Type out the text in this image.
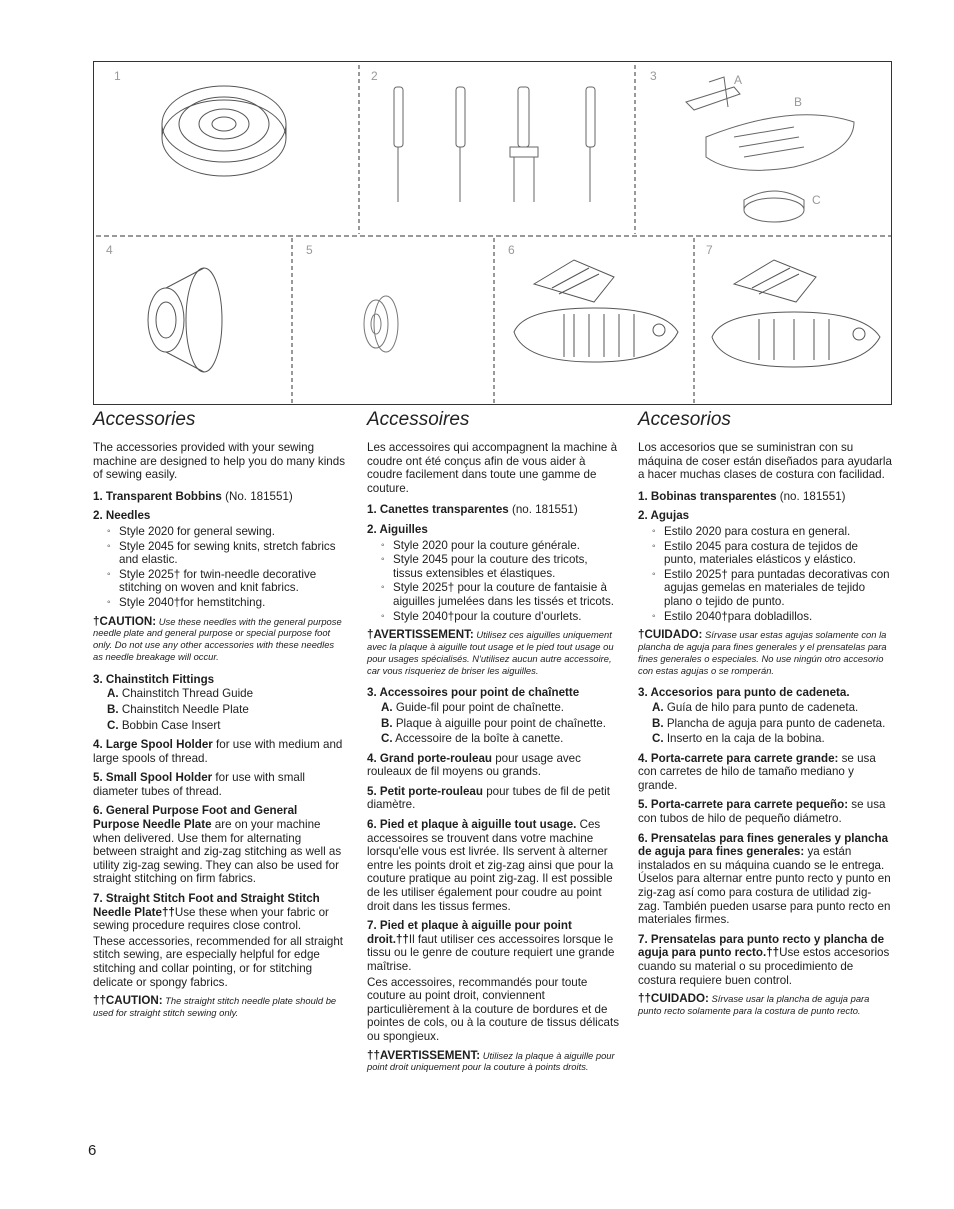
1	2	3
4	5	6	7
A
B
C
Accessories

The accessories provided with your sewing machine are designed to help you do many kinds of sewing easily.

1. Transparent Bobbins (No. 181551)

2. Needles

◦ Style 2020 for general sewing.
◦ Style 2045 for sewing knits, stretch fabrics and elastic.
◦ Style 2025† for twin-needle decorative stitching on woven and knit fabrics.
◦ Style 2040†for hemstitching.

†CAUTION: Use these needles with the general purpose needle plate and general purpose or special purpose foot only. Do not use any other accessories with these needles as needle breakage will occur.

3. Chainstitch Fittings

A. Chainstitch Thread Guide

B. Chainstitch Needle Plate

C. Bobbin Case Insert

4. Large Spool Holder for use with medium and large spools of thread.

5. Small Spool Holder for use with small diameter tubes of thread.

6. General Purpose Foot and General Purpose Needle Plate are on your machine when delivered. Use them for alternating between straight and zig-zag stitching as well as utility zig-zag sewing. They can also be used for straight stitching on firm fabrics.

7. Straight Stitch Foot and Straight Stitch Needle Plate††Use these when your fabric or sewing procedure requires close control.

These accessories, recommended for all straight stitch sewing, are especially helpful for edge stitching and collar pointing, or for stitching delicate or spongy fabrics.

††CAUTION: The straight stitch needle plate should be used for straight stitch sewing only.

Accessoires

Les accessoires qui accompagnent la machine à coudre ont été conçus afin de vous aider à coudre facilement dans toute une gamme de couture.

1. Canettes transparentes (no. 181551)

2. Aiguilles

◦ Style 2020 pour la couture générale.
◦ Style 2045 pour la couture des tricots, tissus extensibles et élastiques.
◦ Style 2025† pour la couture de fantaisie à aiguilles jumelées dans les tissés et tricots.
◦ Style 2040†pour la couture d'ourlets.

†AVERTISSEMENT: Utilisez ces aiguilles uniquement avec la plaque à aiguille tout usage et le pied tout usage ou pour usages spécialisés. N'utilisez aucun autre accessoire, car vous risqueriez de briser les aiguilles.

3. Accessoires pour point de chaînette

A. Guide-fil pour point de chaînette.

B. Plaque à aiguille pour point de chaînette.

C. Accessoire de la boîte à canette.

4. Grand porte-rouleau pour usage avec rouleaux de fil moyens ou grands.

5. Petit porte-rouleau pour tubes de fil de petit diamètre.

6. Pied et plaque à aiguille tout usage. Ces accessoires se trouvent dans votre machine lorsqu'elle vous est livrée. Ils servent à alterner entre les points droit et zig-zag ainsi que pour la couture pratique au point zig-zag. Il est possible de les utiliser également pour coudre au point droit dans les tissus fermes.

7. Pied et plaque à aiguille pour point droit.††Il faut utiliser ces accessoires lorsque le tissu ou le genre de couture requiert une grande maîtrise.

Ces accessoires, recommandés pour toute couture au point droit, conviennent particulièrement à la couture de bordures et de pointes de cols, ou à la couture de tissus délicats ou spongieux.

††AVERTISSEMENT: Utilisez la plaque à aiguille pour point droit uniquement pour la couture à points droits.

Accesorios

Los accesorios que se suministran con su máquina de coser están diseñados para ayudarla a hacer muchas clases de costura con facilidad.

1. Bobinas transparentes (no. 181551)

2. Agujas

◦ Estilo 2020 para costura en general.
◦ Estilo 2045 para costura de tejidos de punto, materiales elásticos y elástico.
◦ Estilo 2025† para puntadas decorativas con agujas gemelas en materiales de tejido plano o tejido de punto.
◦ Estilo 2040†para dobladillos.

†CUIDADO: Sírvase usar estas agujas solamente con la plancha de aguja para fines generales y el prensatelas para fines generales o especiales. No use ningún otro accesorio con estas agujas o se romperán.

3. Accesorios para punto de cadeneta.

A. Guía de hilo para punto de cadeneta.

B. Plancha de aguja para punto de cadeneta.

C. Inserto en la caja de la bobina.

4. Porta-carrete para carrete grande: se usa con carretes de hilo de tamaño mediano y grande.

5. Porta-carrete para carrete pequeño: se usa con tubos de hilo de pequeño diámetro.

6. Prensatelas para fines generales y plancha de aguja para fines generales: ya están instalados en su máquina cuando se le entrega. Úselos para alternar entre punto recto y punto en zig-zag así como para costura de utilidad zig-zag. También pueden usarse para punto recto en materiales firmes.

7. Prensatelas para punto recto y plancha de aguja para punto recto.††Use estos accesorios cuando su material o su procedimiento de costura requiere buen control.

††CUIDADO: Sírvase usar la plancha de aguja para punto recto solamente para la costura de punto recto.

6
